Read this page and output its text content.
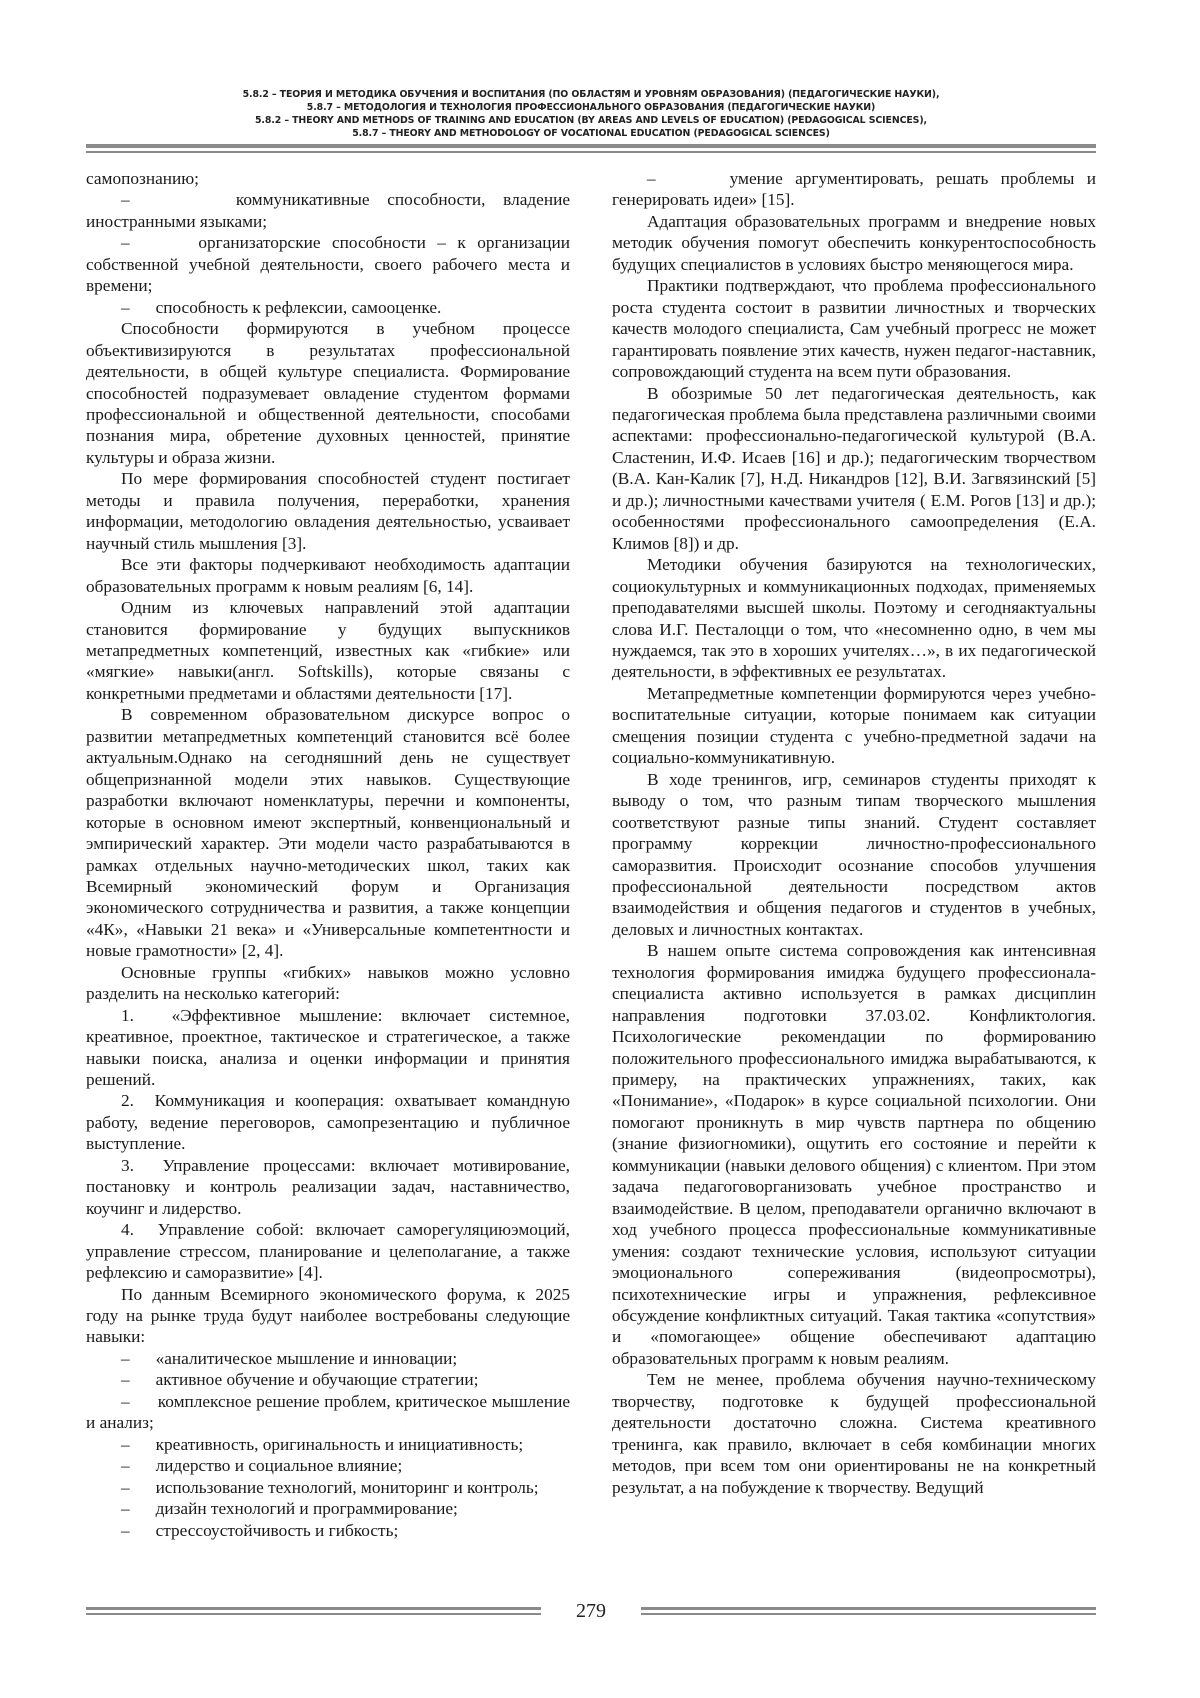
5.8.2 – ТЕОРИЯ И МЕТОДИКА ОБУЧЕНИЯ И ВОСПИТАНИЯ (ПО ОБЛАСТЯМ И УРОВНЯМ ОБРАЗОВАНИЯ) (ПЕДАГОГИЧЕСКИЕ НАУКИ),
5.8.7 – МЕТОДОЛОГИЯ И ТЕХНОЛОГИЯ ПРОФЕССИОНАЛЬНОГО ОБРАЗОВАНИЯ (ПЕДАГОГИЧЕСКИЕ НАУКИ)
5.8.2 – THEORY AND METHODS OF TRAINING AND EDUCATION (BY AREAS AND LEVELS OF EDUCATION) (PEDAGOGICAL SCIENCES),
5.8.7 – THEORY AND METHODOLOGY OF VOCATIONAL EDUCATION (PEDAGOGICAL SCIENCES)

самопознанию;

–      коммуникативные способности, владение иностранными языками;

–      организаторские способности – к организации собственной учебной деятельности, своего рабочего места и времени;

–      способность к рефлексии, самооценке.

Способности формируются в учебном процессе объективизируются в результатах профессиональной деятельности, в общей культуре специалиста. Формирование способностей подразумевает овладение студентом формами профессиональной и общественной деятельности, способами познания мира, обретение духовных ценностей, принятие культуры и образа жизни.

По мере формирования способностей студент постигает методы и правила получения, переработки, хранения информации, методологию овладения деятельностью, усваивает научный стиль мышления [3].

Все эти факторы подчеркивают необходимость адаптации образовательных программ к новым реалиям [6, 14].

Одним из ключевых направлений этой адаптации становится формирование у будущих выпускников метапредметных компетенций, известных как «гибкие» или «мягкие» навыки(англ. Softskills), которые связаны с конкретными предметами и областями деятельности [17].

В современном образовательном дискурсе вопрос о развитии метапредметных компетенций становится всё более актуальным.Однако на сегодняшний день не существует общепризнанной модели этих навыков. Существующие разработки включают номенклатуры, перечни и компоненты, которые в основном имеют экспертный, конвенциональный и эмпирический характер. Эти модели часто разрабатываются в рамках отдельных научно-методических школ, таких как Всемирный экономический форум и Организация экономического сотрудничества и развития, а также концепции «4К», «Навыки 21 века» и «Универсальные компетентности и новые грамотности» [2, 4].

Основные группы «гибких» навыков можно условно разделить на несколько категорий:

1.  «Эффективное мышление: включает системное, креативное, проектное, тактическое и стратегическое, а также навыки поиска, анализа и оценки информации и принятия решений.

2.  Коммуникация и кооперация: охватывает командную работу, ведение переговоров, самопрезентацию и публичное выступление.

3.  Управление процессами: включает мотивирование, постановку и контроль реализации задач, наставничество, коучинг и лидерство.

4.  Управление собой: включает саморегуляциюэмоций, управление стрессом, планирование и целеполагание, а также рефлексию и саморазвитие» [4].

По данным Всемирного экономического форума, к 2025 году на рынке труда будут наиболее востребованы следующие навыки:

–      «аналитическое мышление и инновации;

–      активное обучение и обучающие стратегии;

–      комплексное решение проблем, критическое мышление и анализ;

–      креативность, оригинальность и инициативность;

–      лидерство и социальное влияние;

–      использование технологий, мониторинг и контроль;

–      дизайн технологий и программирование;

–      стрессоустойчивость и гибкость;

–      умение аргументировать, решать проблемы и генерировать идеи» [15].

Адаптация образовательных программ и внедрение новых методик обучения помогут обеспечить конкурентоспособность будущих специалистов в условиях быстро меняющегося мира.

Практики подтверждают, что проблема профессионального роста студента состоит в развитии личностных и творческих качеств молодого специалиста, Сам учебный прогресс не может гарантировать появление этих качеств, нужен педагог-наставник, сопровождающий студента на всем пути образования.

В обозримые 50 лет педагогическая деятельность, как педагогическая проблема была представлена различными своими аспектами: профессионально-педагогической культурой (В.А. Сластенин, И.Ф. Исаев [16] и др.); педагогическим творчеством (В.А. Кан-Калик [7], Н.Д. Никандров [12], В.И. Загвязинский [5] и др.); личностными качествами учителя ( Е.М. Рогов [13] и др.); особенностями профессионального самоопределения (Е.А. Климов [8]) и др.

Методики обучения базируются на технологических, социокультурных и коммуникационных подходах, применяемых преподавателями высшей школы. Поэтому и сегодняактуальны слова И.Г. Песталоцци о том, что «несомненно одно, в чем мы нуждаемся, так это в хороших учителях…», в их педагогической деятельности, в эффективных ее результатах.

Метапредметные компетенции формируются через учебно-воспитательные ситуации, которые понимаем как ситуации смещения позиции студента с учебно-предметной задачи на социально-коммуникативную.

В ходе тренингов, игр, семинаров студенты приходят к выводу о том, что разным типам творческого мышления соответствуют разные типы знаний. Студент составляет программу коррекции личностно-профессионального саморазвития. Происходит осознание способов улучшения профессиональной деятельности посредством актов взаимодействия и общения педагогов и студентов в учебных, деловых и личностных контактах.

В нашем опыте система сопровождения как интенсивная технология формирования имиджа будущего профессионала-специалиста активно используется в рамках дисциплин направления подготовки 37.03.02. Конфликтология. Психологические рекомендации по формированию положительного профессионального имиджа вырабатываются, к примеру, на практических упражнениях, таких, как «Понимание», «Подарок» в курсе социальной психологии. Они помогают проникнуть в мир чувств партнера по общению (знание физиогномики), ощутить его состояние и перейти к коммуникации (навыки делового общения) с клиентом. При этом задача педагоговорганизовать учебное пространство и взаимодействие. В целом, преподаватели органично включают в ход учебного процесса профессиональные коммуникативные умения: создают технические условия, используют ситуации эмоционального сопереживания (видеопросмотры), психотехнические игры и упражнения, рефлексивное обсуждение конфликтных ситуаций. Такая тактика «сопутствия» и «помогающее» общение обеспечивают адаптацию образовательных программ к новым реалиям.

Тем не менее, проблема обучения научно-техническому творчеству, подготовке к будущей профессиональной деятельности достаточно сложна. Система креативного тренинга, как правило, включает в себя комбинации многих методов, при всем том они ориентированы не на конкретный результат, а на побуждение к творчеству. Ведущий

279
